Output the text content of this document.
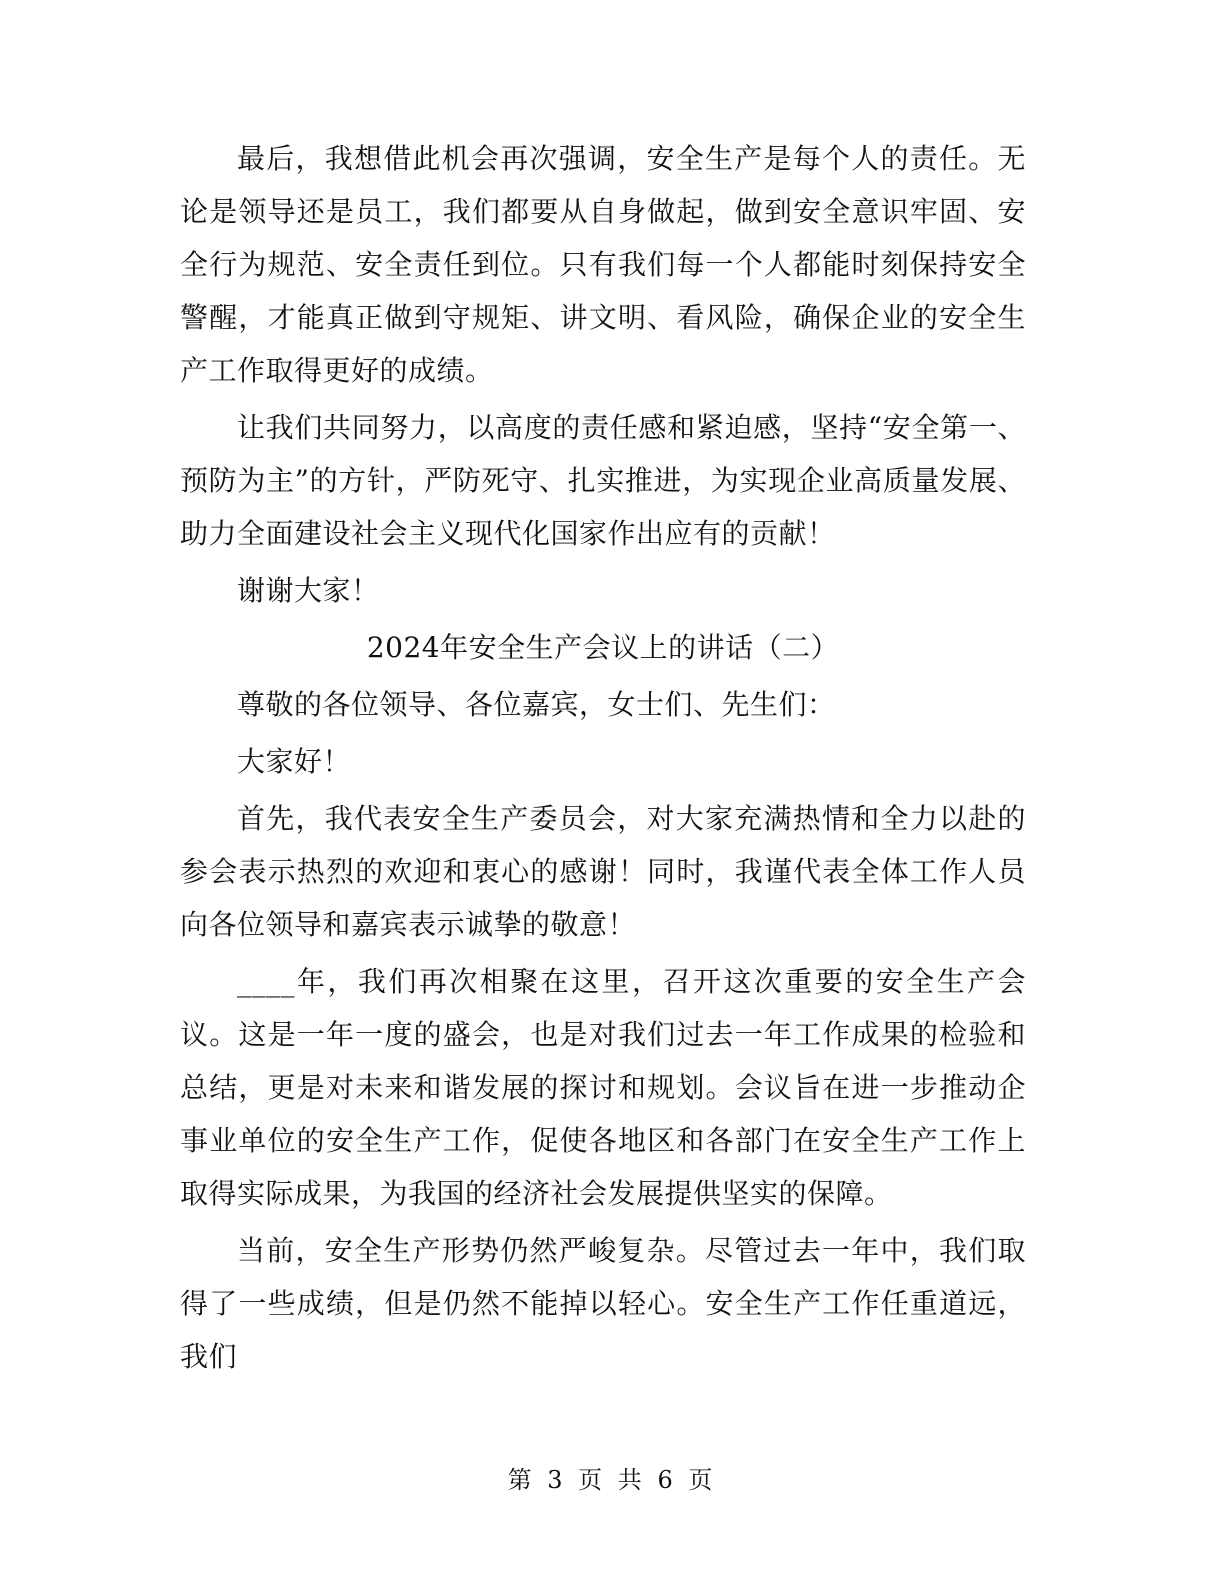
最后，我想借此机会再次强调，安全生产是每个人的责任。无论是领导还是员工，我们都要从自身做起，做到安全意识牢固、安全行为规范、安全责任到位。只有我们每一个人都能时刻保持安全警醒，才能真正做到守规矩、讲文明、看风险，确保企业的安全生产工作取得更好的成绩。

让我们共同努力，以高度的责任感和紧迫感，坚持“安全第一、预防为主”的方针，严防死守、扎实推进，为实现企业高质量发展、助力全面建设社会主义现代化国家作出应有的贡献！

谢谢大家！

2024年安全生产会议上的讲话（二）

尊敬的各位领导、各位嘉宾，女士们、先生们：

大家好！

首先，我代表安全生产委员会，对大家充满热情和全力以赴的参会表示热烈的欢迎和衷心的感谢！同时，我谨代表全体工作人员向各位领导和嘉宾表示诚挚的敬意！

____年，我们再次相聚在这里，召开这次重要的安全生产会议。这是一年一度的盛会，也是对我们过去一年工作成果的检验和总结，更是对未来和谐发展的探讨和规划。会议旨在进一步推动企事业单位的安全生产工作，促使各地区和各部门在安全生产工作上取得实际成果，为我国的经济社会发展提供坚实的保障。

当前，安全生产形势仍然严峻复杂。尽管过去一年中，我们取得了一些成绩，但是仍然不能掉以轻心。安全生产工作任重道远，我们

第 3 页 共 6 页
